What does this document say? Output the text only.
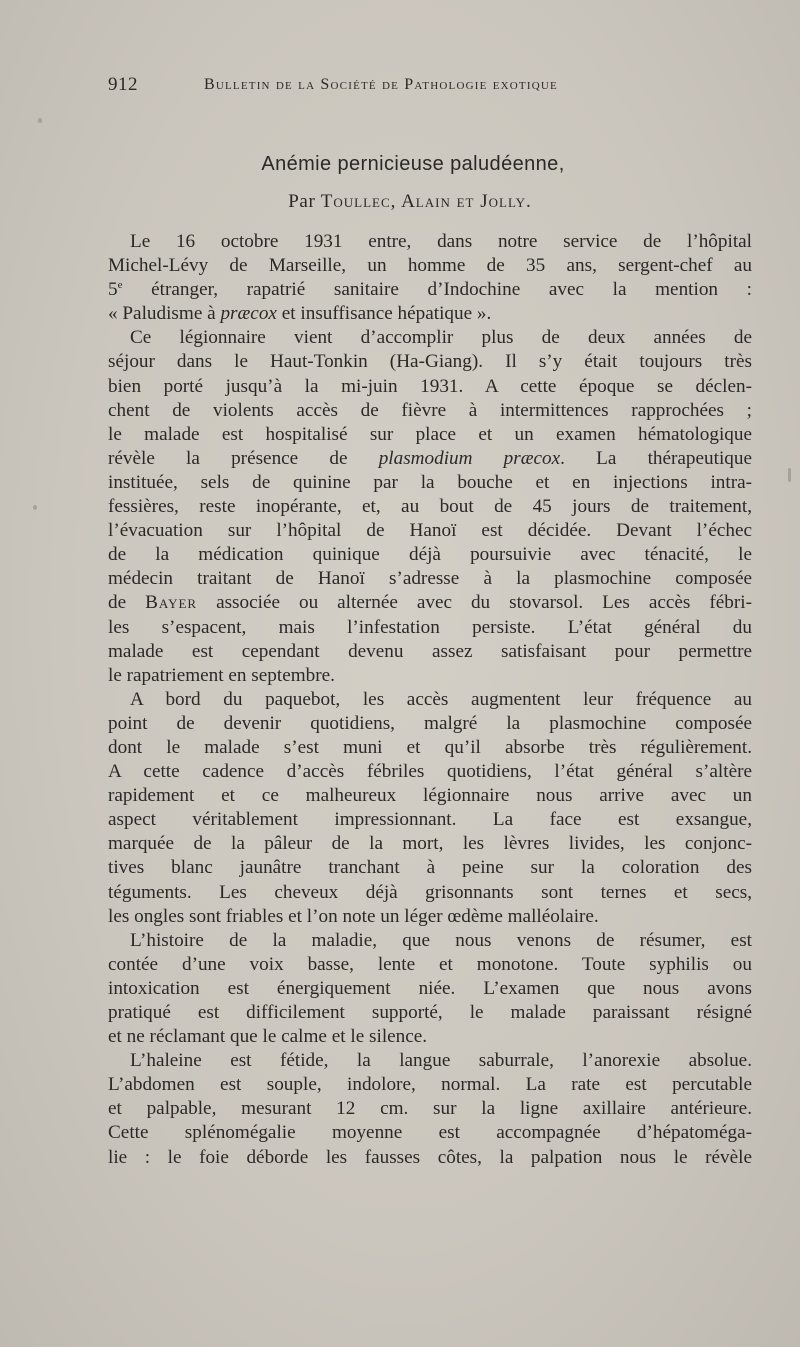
912	Bulletin de la Société de Pathologie exotique
Anémie pernicieuse paludéenne,
Par Toullec, Alain et Jolly.
Le 16 octobre 1931 entre, dans notre service de l’hôpital
Michel-Lévy de Marseille, un homme de 35 ans, sergent-chef au
5e étranger, rapatrié sanitaire d’Indochine avec la mention :
« Paludisme à præcox et insuffisance hépatique ».
Ce légionnaire vient d’accomplir plus de deux années de
séjour dans le Haut-Tonkin (Ha-Giang). Il s’y était toujours très
bien porté jusqu’à la mi-juin 1931. A cette époque se déclen-
chent de violents accès de fièvre à intermittences rapprochées ;
le malade est hospitalisé sur place et un examen hématologique
révèle la présence de plasmodium præcox. La thérapeutique
instituée, sels de quinine par la bouche et en injections intra-
fessières, reste inopérante, et, au bout de 45 jours de traitement,
l’évacuation sur l’hôpital de Hanoï est décidée. Devant l’échec
de la médication quinique déjà poursuivie avec ténacité, le
médecin traitant de Hanoï s’adresse à la plasmochine composée
de Bayer associée ou alternée avec du stovarsol. Les accès fébri-
les s’espacent, mais l’infestation persiste. L’état général du
malade est cependant devenu assez satisfaisant pour permettre
le rapatriement en septembre.
A bord du paquebot, les accès augmentent leur fréquence au
point de devenir quotidiens, malgré la plasmochine composée
dont le malade s’est muni et qu’il absorbe très régulièrement.
A cette cadence d’accès fébriles quotidiens, l’état général s’altère
rapidement et ce malheureux légionnaire nous arrive avec un
aspect véritablement impressionnant. La face est exsangue,
marquée de la pâleur de la mort, les lèvres livides, les conjonc-
tives blanc jaunâtre tranchant à peine sur la coloration des
téguments. Les cheveux déjà grisonnants sont ternes et secs,
les ongles sont friables et l’on note un léger œdème malléolaire.
L’histoire de la maladie, que nous venons de résumer, est
contée d’une voix basse, lente et monotone. Toute syphilis ou
intoxication est énergiquement niée. L’examen que nous avons
pratiqué est difficilement supporté, le malade paraissant résigné
et ne réclamant que le calme et le silence.
L’haleine est fétide, la langue saburrale, l’anorexie absolue.
L’abdomen est souple, indolore, normal. La rate est percutable
et palpable, mesurant 12 cm. sur la ligne axillaire antérieure.
Cette splénomégalie moyenne est accompagnée d’hépatoméga-
lie : le foie déborde les fausses côtes, la palpation nous le révèle
